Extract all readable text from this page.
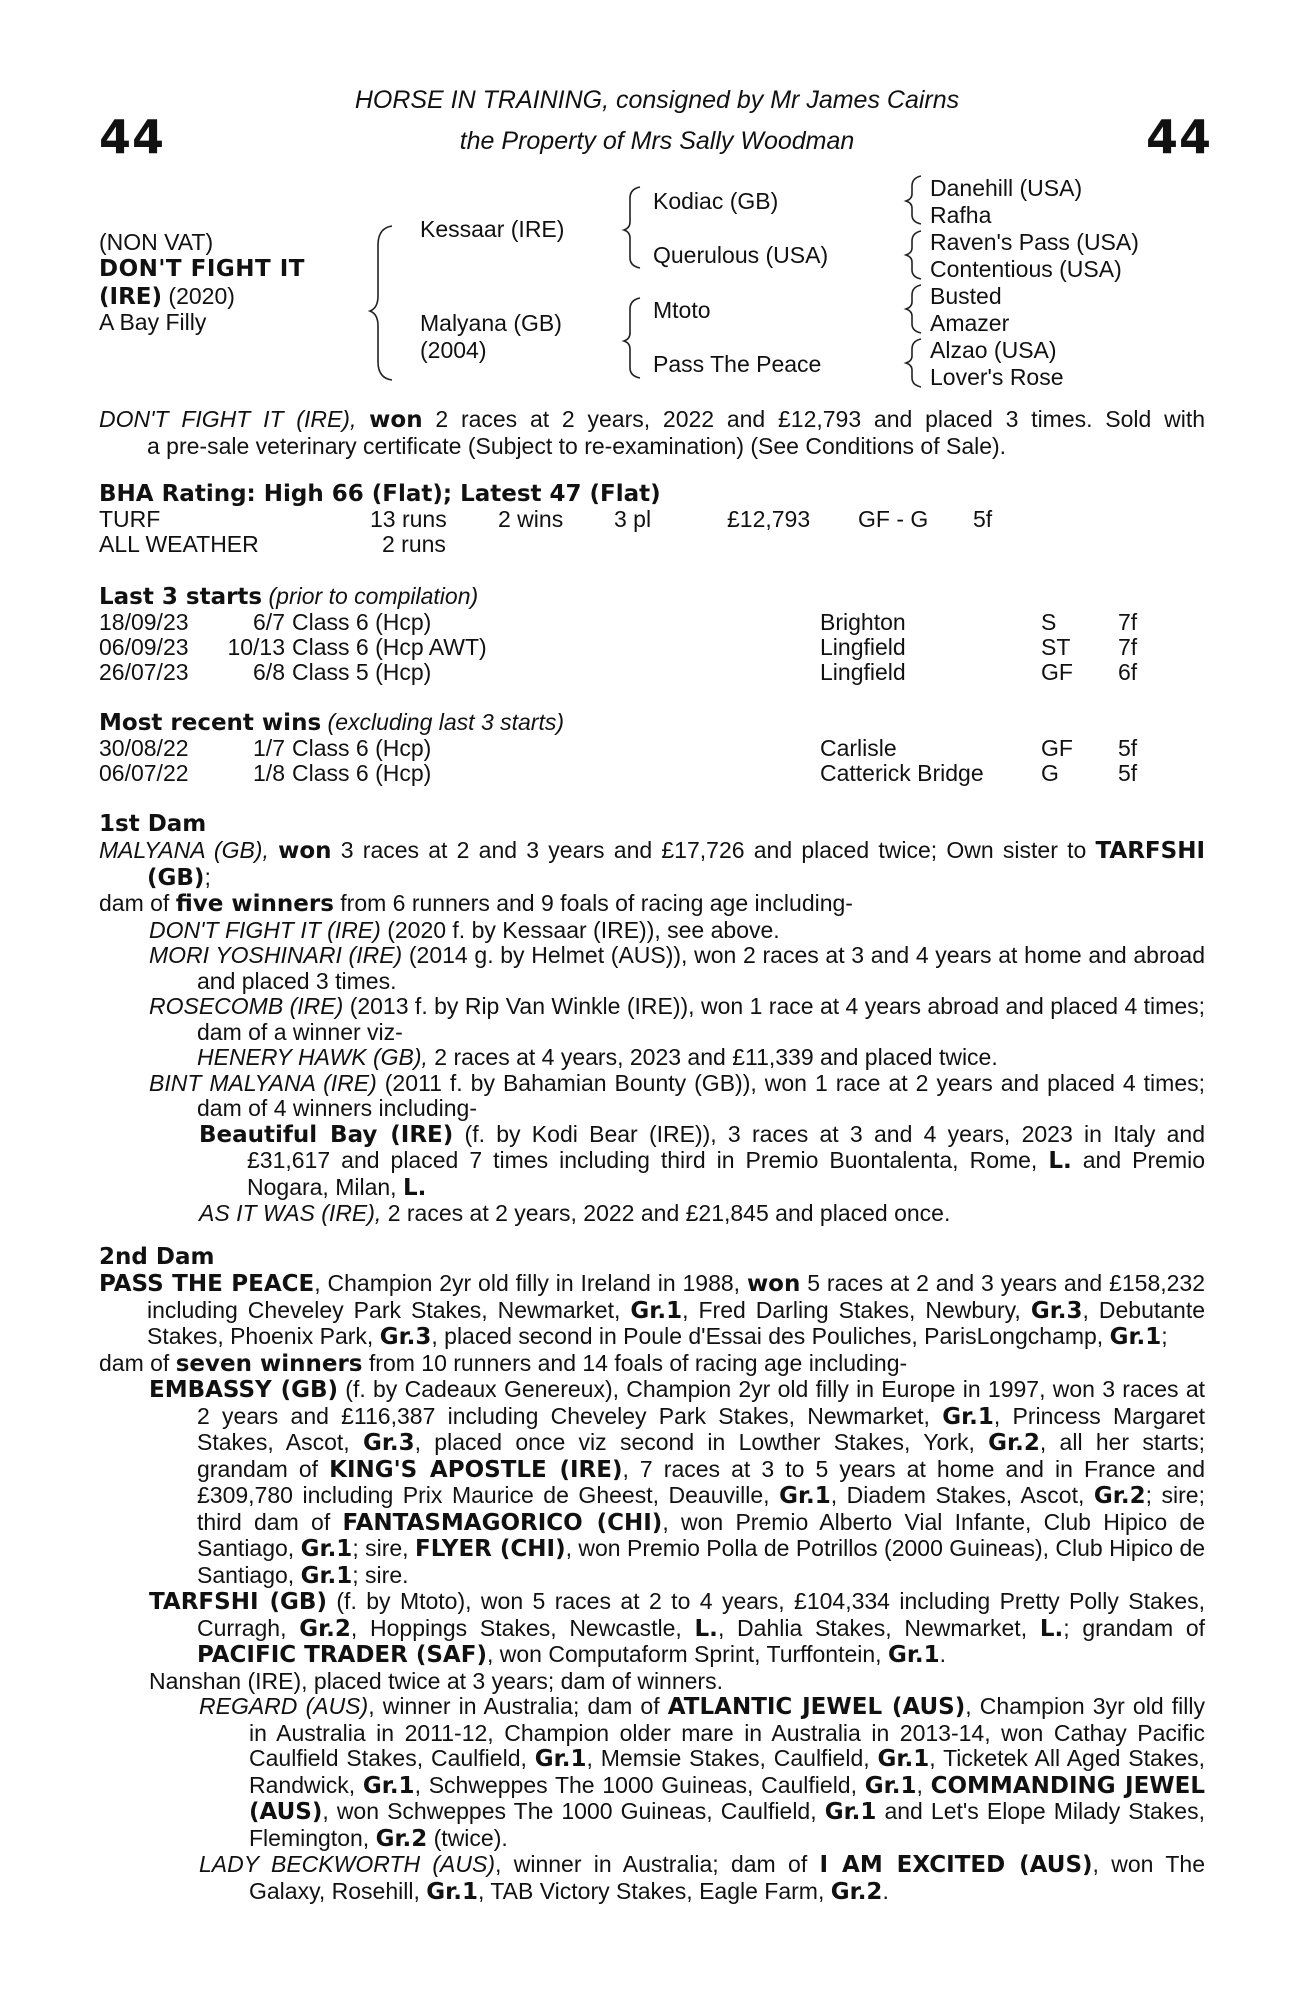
44	44
HORSE IN TRAINING, consigned by Mr James Cairns
the Property of Mrs Sally Woodman
(NON VAT)
DON'T FIGHT IT
(IRE) (2020)
A Bay Filly
Kessaar (IRE)
Malyana (GB)
(2004)
Kodiac (GB)
Querulous (USA)
Mtoto
Pass The Peace
Danehill (USA)
Rafha
Raven's Pass (USA)
Contentious (USA)
Busted
Amazer
Alzao (USA)
Lover's Rose

DON'T FIGHT IT (IRE), won 2 races at 2 years, 2022 and £12,793 and placed 3 times. Sold with

a pre-sale veterinary certificate (Subject to re-examination) (See Conditions of Sale).

BHA Rating: High 66 (Flat); Latest 47 (Flat)
TURF	13 runs 2 wins 3 pl	£12,793 GF - G 5f
ALL WEATHER	2 runs
Last 3 starts (prior to compilation)
18/09/23	6/7 Class 6 (Hcp)	Brighton	S	7f
06/09/23	10/13 Class 6 (Hcp AWT)	Lingfield	ST 7f
26/07/23	6/8 Class 5 (Hcp)	Lingfield	GF 6f
Most recent wins (excluding last 3 starts)
30/08/22	1/7 Class 6 (Hcp)	Carlisle	GF 5f
06/07/22	1/8 Class 6 (Hcp)	Catterick Bridge G	5f
1st Dam

MALYANA (GB), won 3 races at 2 and 3 years and £17,726 and placed twice; Own sister to TARFSHI (GB);

dam of five winners from 6 runners and 9 foals of racing age including-

DON'T FIGHT IT (IRE) (2020 f. by Kessaar (IRE)), see above.

MORI YOSHINARI (IRE) (2014 g. by Helmet (AUS)), won 2 races at 3 and 4 years at home and abroad and placed 3 times.

ROSECOMB (IRE) (2013 f. by Rip Van Winkle (IRE)), won 1 race at 4 years abroad and placed 4 times; dam of a winner viz-

HENERY HAWK (GB), 2 races at 4 years, 2023 and £11,339 and placed twice.

BINT MALYANA (IRE) (2011 f. by Bahamian Bounty (GB)), won 1 race at 2 years and placed 4 times; dam of 4 winners including-

Beautiful Bay (IRE) (f. by Kodi Bear (IRE)), 3 races at 3 and 4 years, 2023 in Italy and £31,617 and placed 7 times including third in Premio Buontalenta, Rome, L. and Premio Nogara, Milan, L.

AS IT WAS (IRE), 2 races at 2 years, 2022 and £21,845 and placed once.

2nd Dam

PASS THE PEACE, Champion 2yr old filly in Ireland in 1988, won 5 races at 2 and 3 years and £158,232 including Cheveley Park Stakes, Newmarket, Gr.1, Fred Darling Stakes, Newbury, Gr.3, Debutante Stakes, Phoenix Park, Gr.3, placed second in Poule d'Essai des Pouliches, ParisLongchamp, Gr.1;

dam of seven winners from 10 runners and 14 foals of racing age including-

EMBASSY (GB) (f. by Cadeaux Genereux), Champion 2yr old filly in Europe in 1997, won 3 races at 2 years and £116,387 including Cheveley Park Stakes, Newmarket, Gr.1, Princess Margaret Stakes, Ascot, Gr.3, placed once viz second in Lowther Stakes, York, Gr.2, all her starts; grandam of KING'S APOSTLE (IRE), 7 races at 3 to 5 years at home and in France and £309,780 including Prix Maurice de Gheest, Deauville, Gr.1, Diadem Stakes, Ascot, Gr.2; sire; third dam of FANTASMAGORICO (CHI), won Premio Alberto Vial Infante, Club Hipico de Santiago, Gr.1; sire, FLYER (CHI), won Premio Polla de Potrillos (2000 Guineas), Club Hipico de Santiago, Gr.1; sire.

TARFSHI (GB) (f. by Mtoto), won 5 races at 2 to 4 years, £104,334 including Pretty Polly Stakes, Curragh, Gr.2, Hoppings Stakes, Newcastle, L., Dahlia Stakes, Newmarket, L.; grandam of PACIFIC TRADER (SAF), won Computaform Sprint, Turffontein, Gr.1.

Nanshan (IRE), placed twice at 3 years; dam of winners.

REGARD (AUS), winner in Australia; dam of ATLANTIC JEWEL (AUS), Champion 3yr old filly in Australia in 2011-12, Champion older mare in Australia in 2013-14, won Cathay Pacific Caulfield Stakes, Caulfield, Gr.1, Memsie Stakes, Caulfield, Gr.1, Ticketek All Aged Stakes, Randwick, Gr.1, Schweppes The 1000 Guineas, Caulfield, Gr.1, COMMANDING JEWEL (AUS), won Schweppes The 1000 Guineas, Caulfield, Gr.1 and Let's Elope Milady Stakes, Flemington, Gr.2 (twice).

LADY BECKWORTH (AUS), winner in Australia; dam of I AM EXCITED (AUS), won The Galaxy, Rosehill, Gr.1, TAB Victory Stakes, Eagle Farm, Gr.2.
